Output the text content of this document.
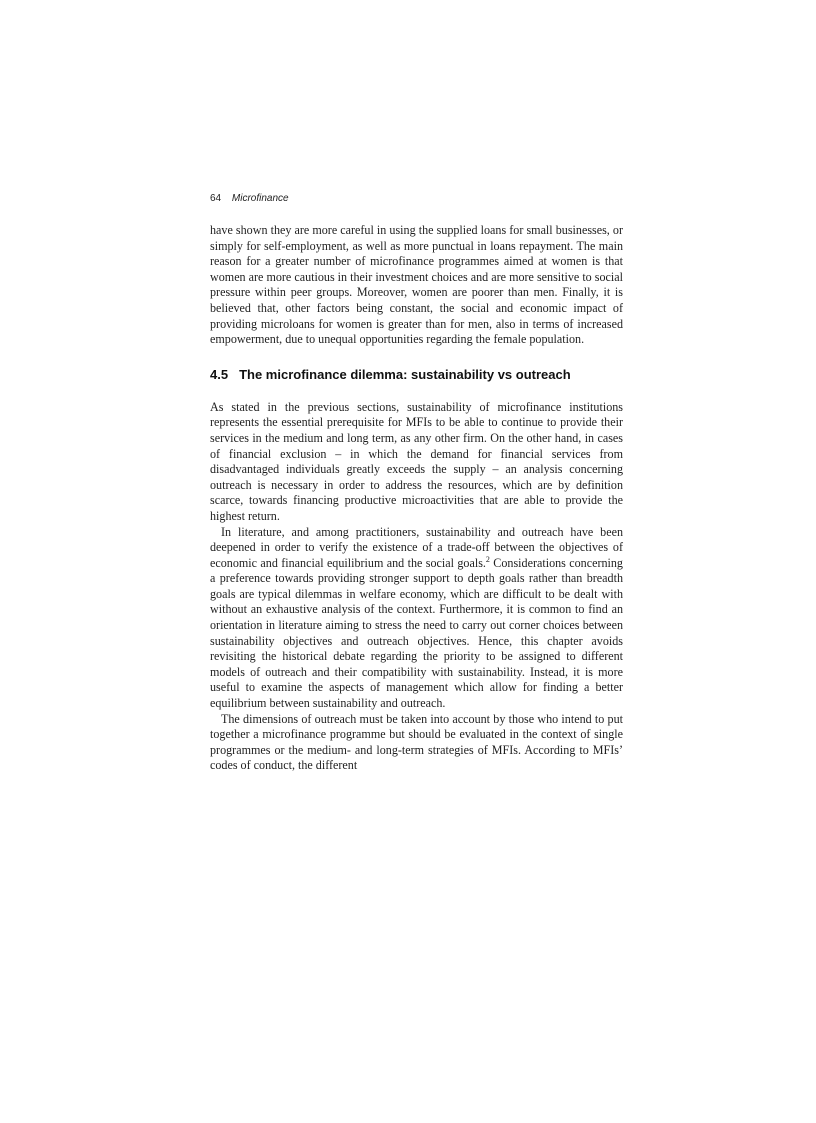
64 Microfinance

have shown they are more careful in using the supplied loans for small businesses, or simply for self-employment, as well as more punctual in loans repayment. The main reason for a greater number of microfinance programmes aimed at women is that women are more cautious in their investment choices and are more sensitive to social pressure within peer groups. Moreover, women are poorer than men. Finally, it is believed that, other factors being constant, the social and economic impact of providing microloans for women is greater than for men, also in terms of increased empowerment, due to unequal opportunities regarding the female population.

4.5 The microfinance dilemma: sustainability vs outreach

As stated in the previous sections, sustainability of microfinance institutions represents the essential prerequisite for MFIs to be able to continue to provide their services in the medium and long term, as any other firm. On the other hand, in cases of financial exclusion – in which the demand for financial services from disadvantaged individuals greatly exceeds the supply – an analysis concerning outreach is necessary in order to address the resources, which are by definition scarce, towards financing productive microactivities that are able to provide the highest return.

In literature, and among practitioners, sustainability and outreach have been deepened in order to verify the existence of a trade-off between the objectives of economic and financial equilibrium and the social goals.$^2$ Considerations concerning a preference towards providing stronger support to depth goals rather than breadth goals are typical dilemmas in welfare economy, which are difficult to be dealt with without an exhaustive analysis of the context. Furthermore, it is common to find an orientation in literature aiming to stress the need to carry out corner choices between sustainability objectives and outreach objectives. Hence, this chapter avoids revisiting the historical debate regarding the priority to be assigned to different models of outreach and their compatibility with sustainability. Instead, it is more useful to examine the aspects of management which allow for finding a better equilibrium between sustainability and outreach.

The dimensions of outreach must be taken into account by those who intend to put together a microfinance programme but should be evaluated in the context of single programmes or the medium- and long-term strategies of MFIs. According to MFIs’ codes of conduct, the different
